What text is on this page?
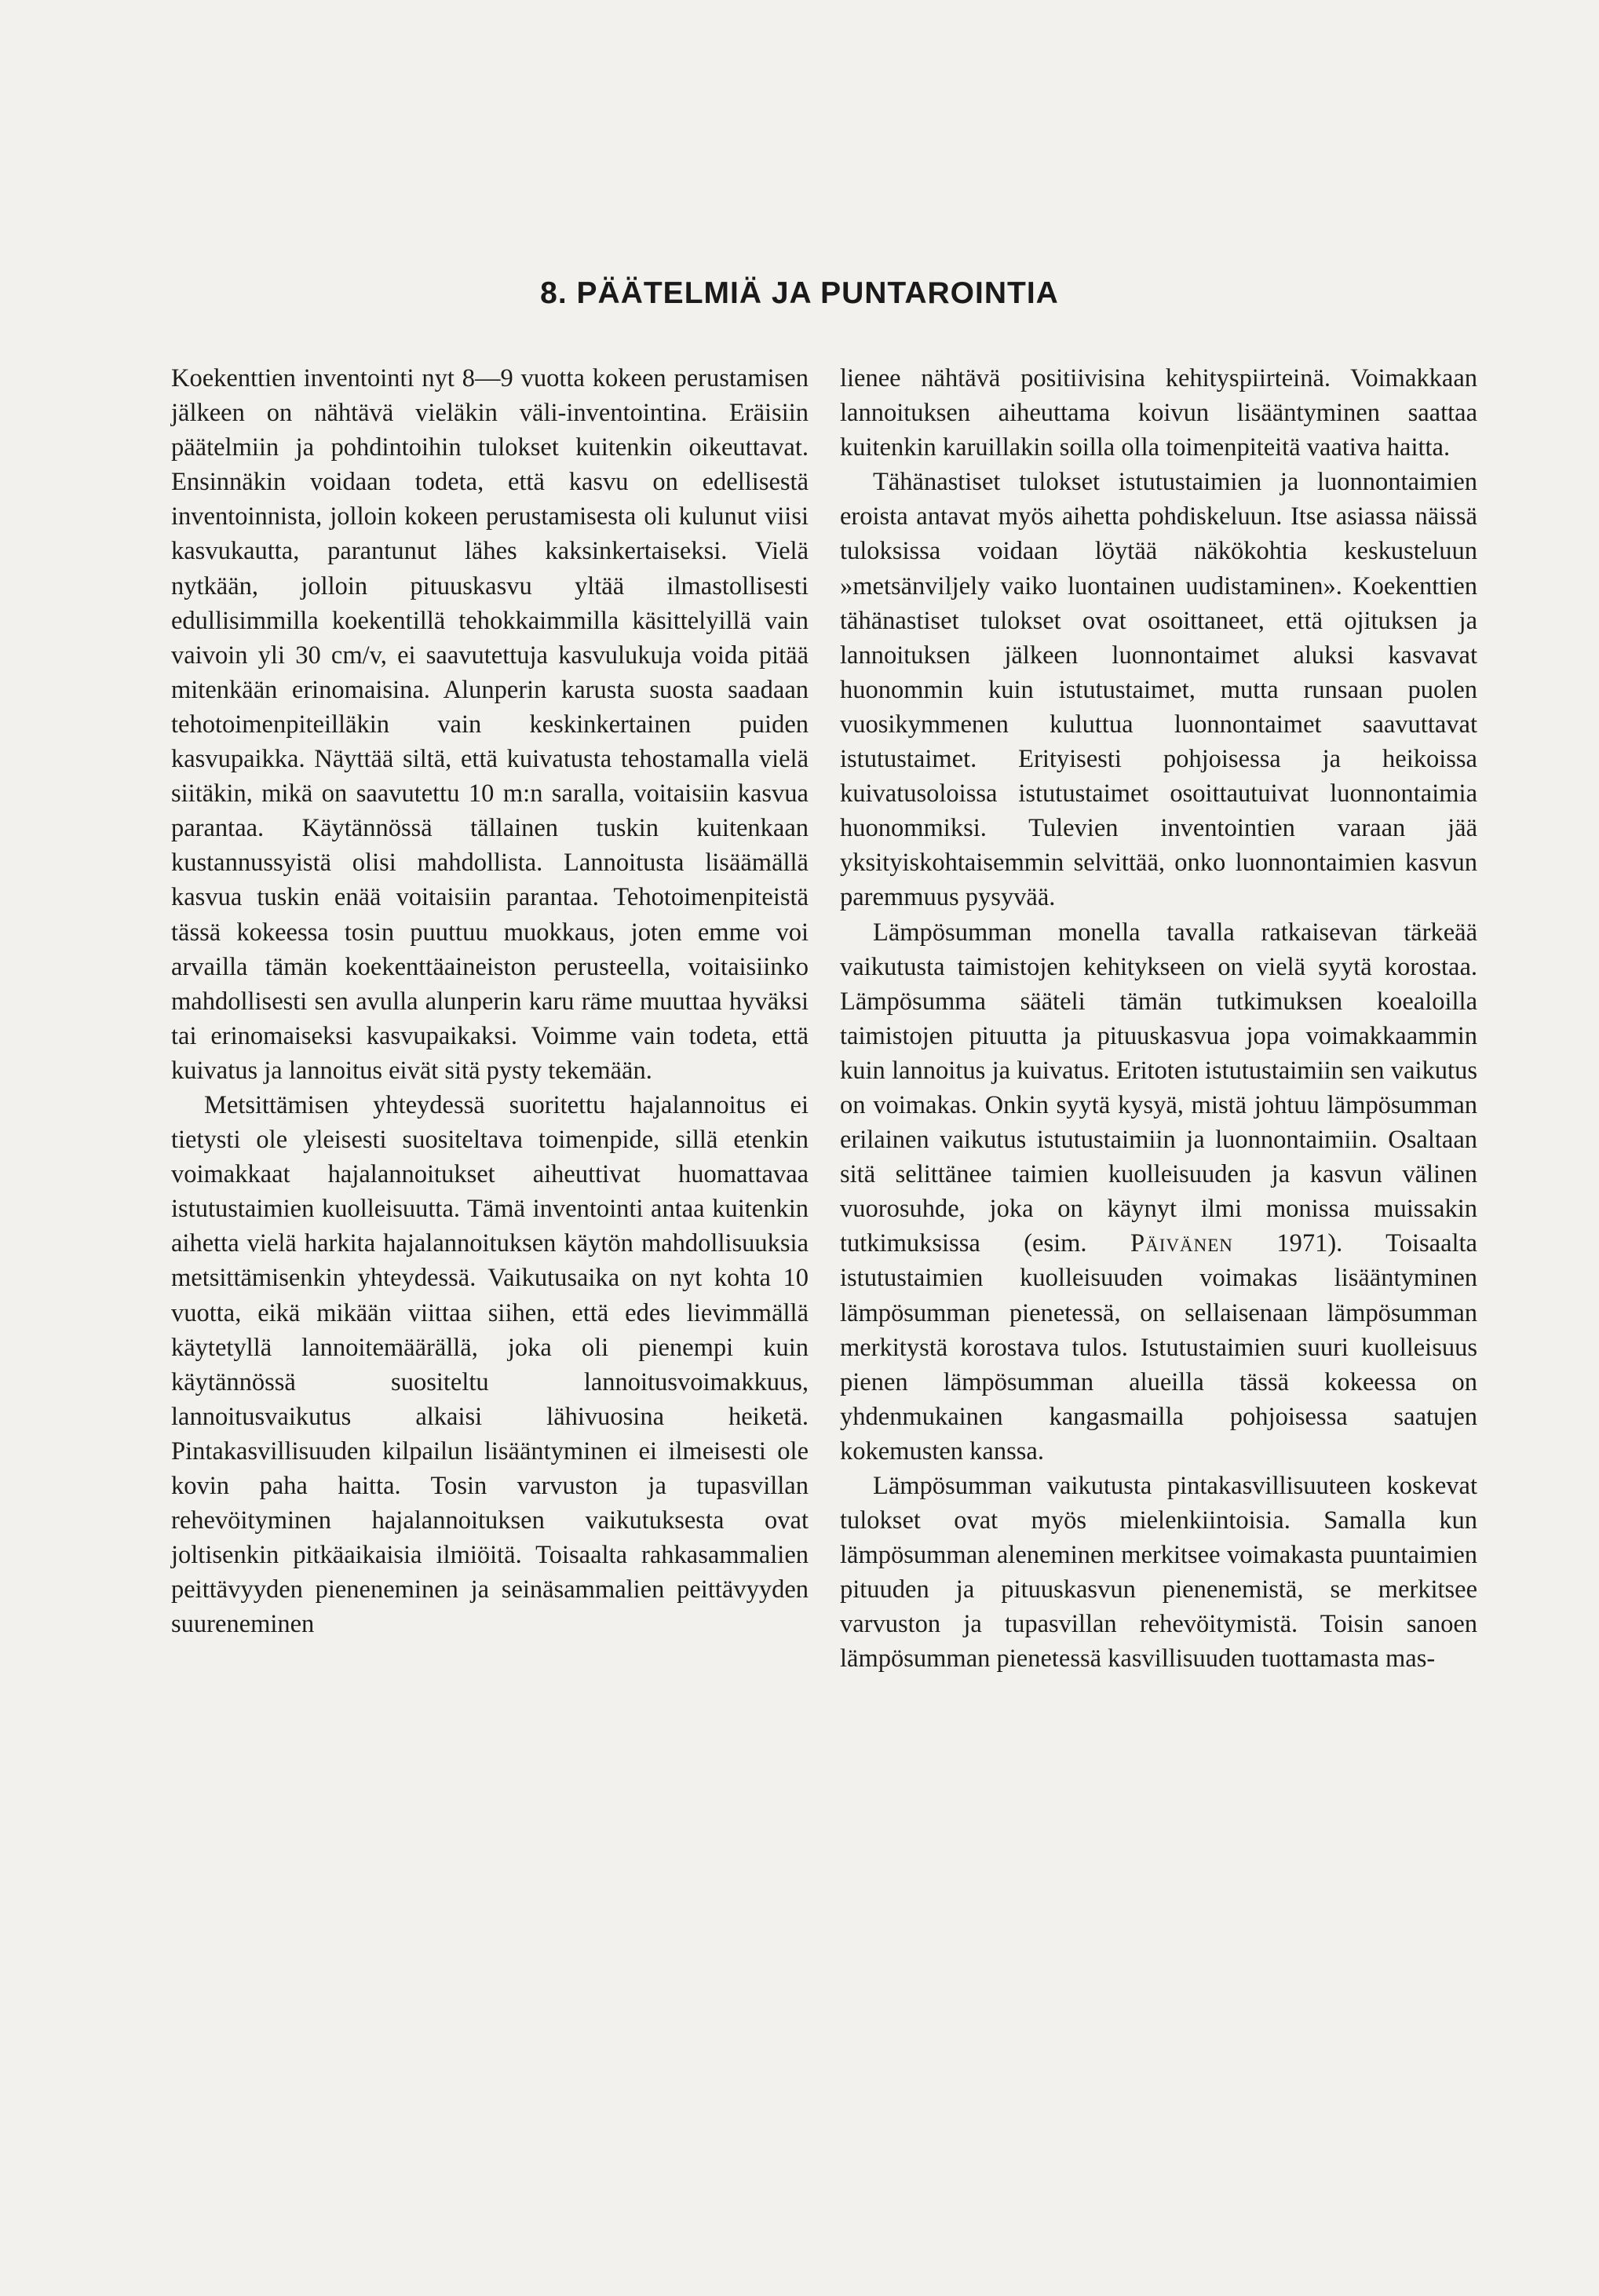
8. PÄÄTELMIÄ JA PUNTAROINTIA

Koekenttien inventointi nyt 8—9 vuotta kokeen perustamisen jälkeen on nähtävä vieläkin väli-inventointina. Eräisiin päätelmiin ja pohdintoihin tulokset kuitenkin oikeuttavat. Ensinnäkin voidaan todeta, että kasvu on edellisestä inventoinnista, jolloin kokeen perustamisesta oli kulunut viisi kasvukautta, parantunut lähes kaksinkertaiseksi. Vielä nytkään, jolloin pituuskasvu yltää ilmastollisesti edullisimmilla koekentillä tehokkaimmilla käsittelyillä vain vaivoin yli 30 cm/v, ei saavutettuja kasvulukuja voida pitää mitenkään erinomaisina. Alunperin karusta suosta saadaan tehotoimenpiteilläkin vain keskinkertainen puiden kasvupaikka. Näyttää siltä, että kuivatusta tehostamalla vielä siitäkin, mikä on saavutettu 10 m:n saralla, voitaisiin kasvua parantaa. Käytännössä tällainen tuskin kuitenkaan kustannussyistä olisi mahdollista. Lannoitusta lisäämällä kasvua tuskin enää voitaisiin parantaa. Tehotoimenpiteistä tässä kokeessa tosin puuttuu muokkaus, joten emme voi arvailla tämän koekenttäaineiston perusteella, voitaisiinko mahdollisesti sen avulla alunperin karu räme muuttaa hyväksi tai erinomaiseksi kasvupaikaksi. Voimme vain todeta, että kuivatus ja lannoitus eivät sitä pysty tekemään.

Metsittämisen yhteydessä suoritettu hajalannoitus ei tietysti ole yleisesti suositeltava toimenpide, sillä etenkin voimakkaat hajalannoitukset aiheuttivat huomattavaa istutustaimien kuolleisuutta. Tämä inventointi antaa kuitenkin aihetta vielä harkita hajalannoituksen käytön mahdollisuuksia metsittämisenkin yhteydessä. Vaikutusaika on nyt kohta 10 vuotta, eikä mikään viittaa siihen, että edes lievimmällä käytetyllä lannoitemäärällä, joka oli pienempi kuin käytännössä suositeltu lannoitusvoimakkuus, lannoitusvaikutus alkaisi lähivuosina heiketä. Pintakasvillisuuden kilpailun lisääntyminen ei ilmeisesti ole kovin paha haitta. Tosin varvuston ja tupasvillan rehevöityminen hajalannoituksen vaikutuksesta ovat joltisenkin pitkäaikaisia ilmiöitä. Toisaalta rahkasammalien peittävyyden pieneneminen ja seinäsammalien peittävyyden suureneminen

lienee nähtävä positiivisina kehityspiirteinä. Voimakkaan lannoituksen aiheuttama koivun lisääntyminen saattaa kuitenkin karuillakin soilla olla toimenpiteitä vaativa haitta.

Tähänastiset tulokset istutustaimien ja luonnontaimien eroista antavat myös aihetta pohdiskeluun. Itse asiassa näissä tuloksissa voidaan löytää näkökohtia keskusteluun »metsänviljely vaiko luontainen uudistaminen». Koekenttien tähänastiset tulokset ovat osoittaneet, että ojituksen ja lannoituksen jälkeen luonnontaimet aluksi kasvavat huonommin kuin istutustaimet, mutta runsaan puolen vuosikymmenen kuluttua luonnontaimet saavuttavat istutustaimet. Erityisesti pohjoisessa ja heikoissa kuivatusoloissa istutustaimet osoittautuivat luonnontaimia huonommiksi. Tulevien inventointien varaan jää yksityiskohtaisemmin selvittää, onko luonnontaimien kasvun paremmuus pysyvää.

Lämpösumman monella tavalla ratkaisevan tärkeää vaikutusta taimistojen kehitykseen on vielä syytä korostaa. Lämpösumma sääteli tämän tutkimuksen koealoilla taimistojen pituutta ja pituuskasvua jopa voimakkaammin kuin lannoitus ja kuivatus. Eritoten istutustaimiin sen vaikutus on voimakas. Onkin syytä kysyä, mistä johtuu lämpösumman erilainen vaikutus istutustaimiin ja luonnontaimiin. Osaltaan sitä selittänee taimien kuolleisuuden ja kasvun välinen vuorosuhde, joka on käynyt ilmi monissa muissakin tutkimuksissa (esim. Päivänen 1971). Toisaalta istutustaimien kuolleisuuden voimakas lisääntyminen lämpösumman pienetessä, on sellaisenaan lämpösumman merkitystä korostava tulos. Istutustaimien suuri kuolleisuus pienen lämpösumman alueilla tässä kokeessa on yhdenmukainen kangasmailla pohjoisessa saatujen kokemusten kanssa.

Lämpösumman vaikutusta pintakasvillisuuteen koskevat tulokset ovat myös mielenkiintoisia. Samalla kun lämpösumman aleneminen merkitsee voimakasta puuntaimien pituuden ja pituuskasvun pienenemistä, se merkitsee varvuston ja tupasvillan rehevöitymistä. Toisin sanoen lämpösumman pienetessä kasvillisuuden tuottamasta mas-
